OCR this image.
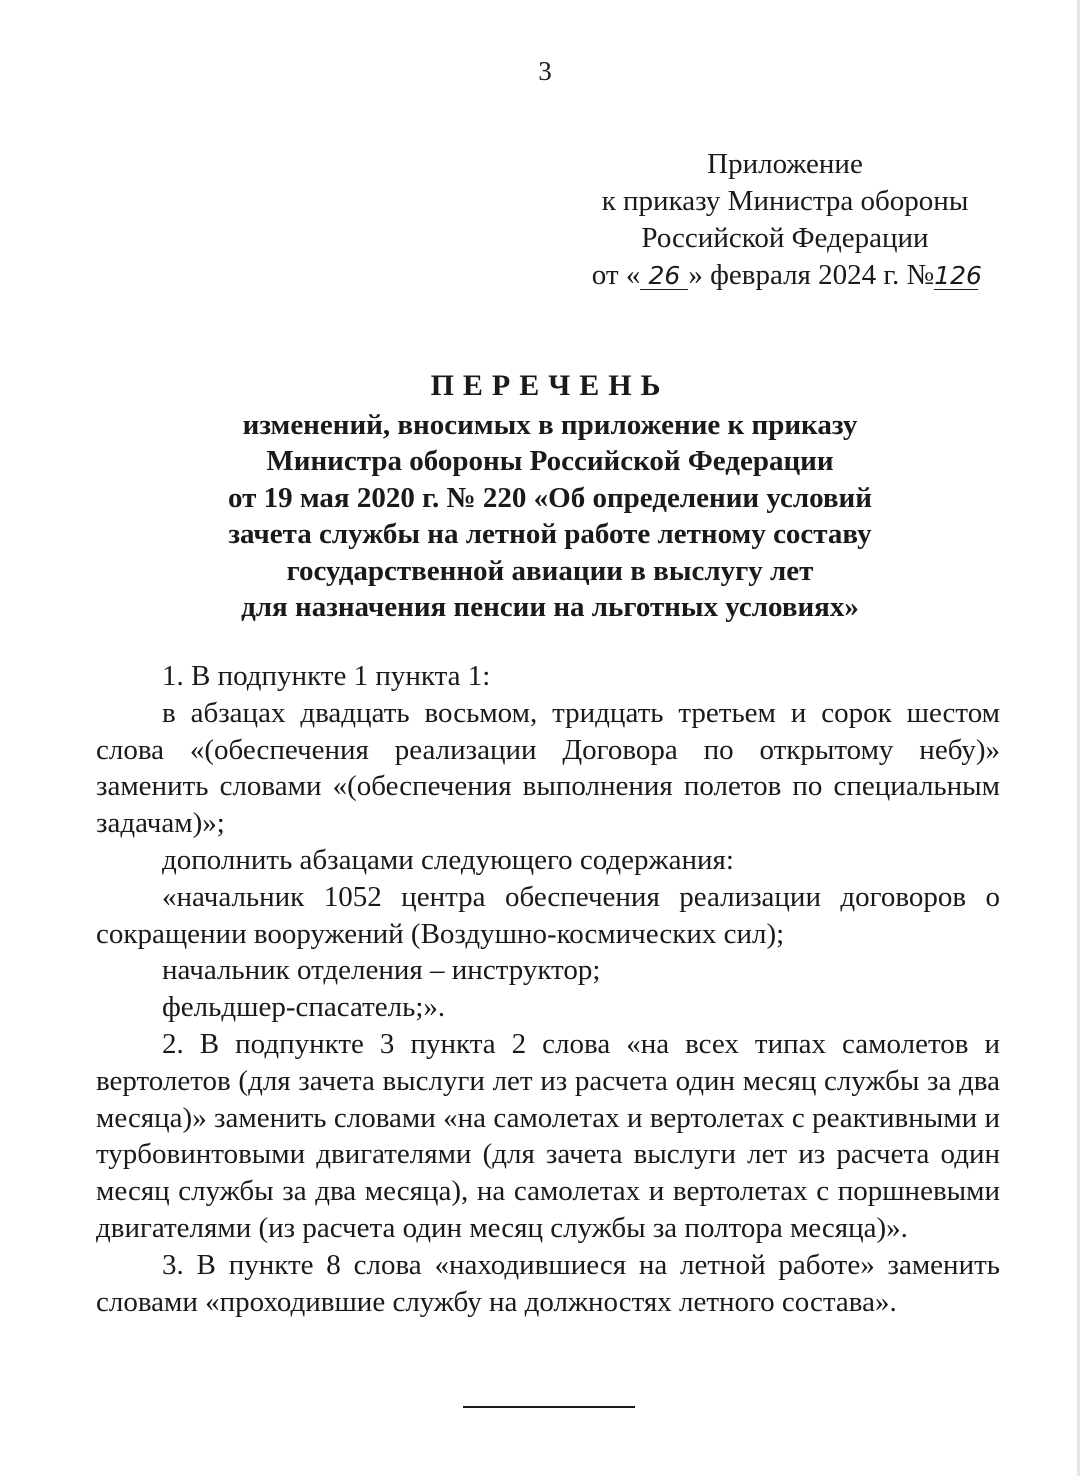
3
Приложение
к приказу Министра обороны
Российской Федерации
от « 26 » февраля 2024 г. №126
ПЕРЕЧЕНЬ
изменений, вносимых в приложение к приказу
Министра обороны Российской Федерации
от 19 мая 2020 г. № 220 «Об определении условий
зачета службы на летной работе летному составу
государственной авиации в выслугу лет
для назначения пенсии на льготных условиях»

1. В подпункте 1 пункта 1:

в абзацах двадцать восьмом, тридцать третьем и сорок шестом слова «(обеспечения реализации Договора по открытому небу)» заменить словами «(обеспечения выполнения полетов по специальным задачам)»;

дополнить абзацами следующего содержания:

«начальник 1052 центра обеспечения реализации договоров о сокращении вооружений (Воздушно-космических сил);

начальник отделения – инструктор;

фельдшер-спасатель;».

2. В подпункте 3 пункта 2 слова «на всех типах самолетов и вертолетов (для зачета выслуги лет из расчета один месяц службы за два месяца)» заменить словами «на самолетах и вертолетах с реактивными и турбовинтовыми двигателями (для зачета выслуги лет из расчета один месяц службы за два месяца), на самолетах и вертолетах с поршневыми двигателями (из расчета один месяц службы за полтора месяца)».

3. В пункте 8 слова «находившиеся на летной работе» заменить словами «проходившие службу на должностях летного состава».
